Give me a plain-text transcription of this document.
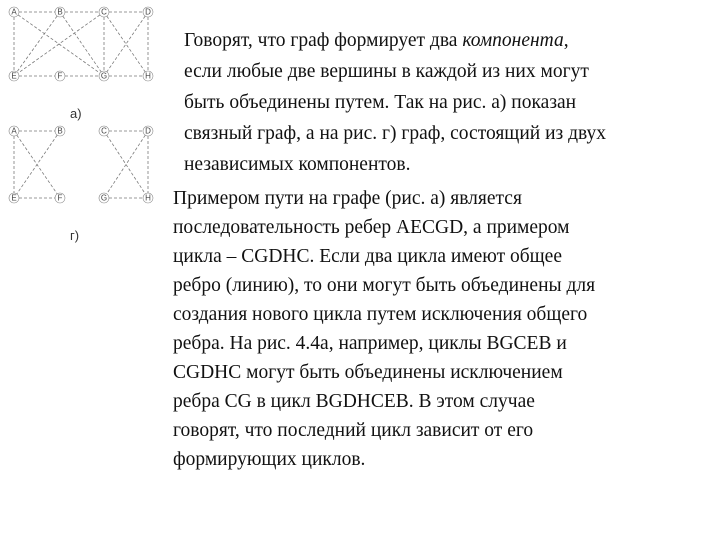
A	B	C	D
E	F	G	H
a)
A	B	C	D
E	F	G	H
г)

Говорят, что граф формирует два компонента,
если любые две вершины в каждой из них могут
быть объединены путем. Так на рис. а) показан
связный граф, а на рис. г) граф, состоящий из двух
независимых компонентов.

Примером пути на графе (рис. а) является
последовательность ребер AECGD, а примером
цикла – CGDHC. Если два цикла имеют общее
ребро (линию), то они могут быть объединены для
создания нового цикла путем исключения общего
ребра. На рис. 4.4а, например, циклы BGCEB и
CGDHC могут быть объединены исключением
ребра CG в цикл BGDHCEB. В этом случае
говорят, что последний цикл зависит от его
формирующих циклов.
